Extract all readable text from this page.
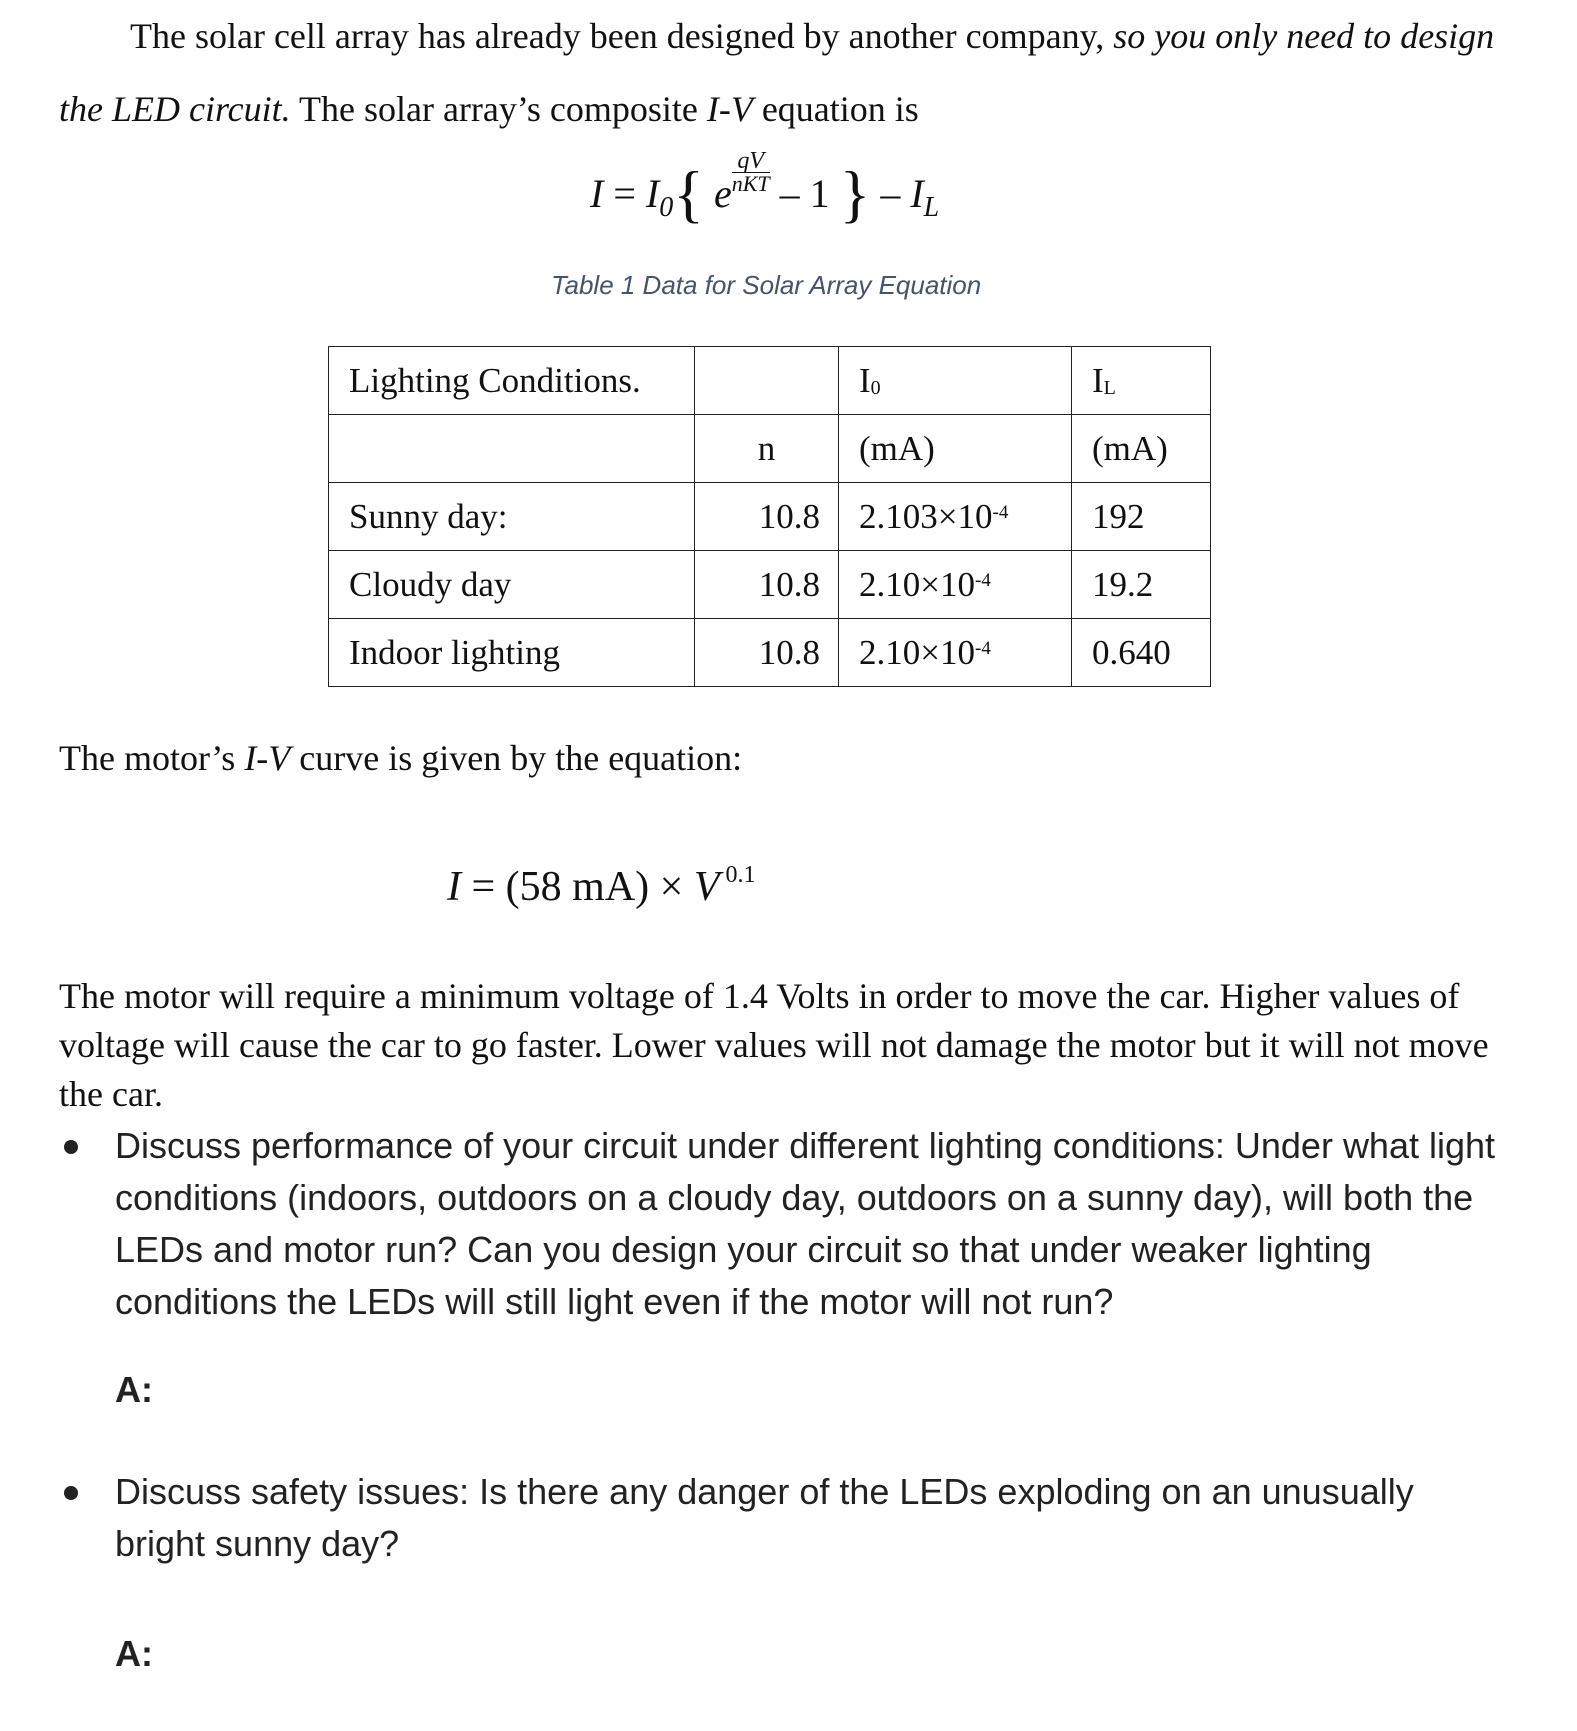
The solar cell array has already been designed by another company, so you only need to design the LED circuit. The solar array’s composite I-V equation is
$I = I_0${ e $\frac{qV}{\text{nKT}} - 1$ } – $I_L$
Table 1 Data for Solar Array Equation
Lighting Conditions.		I0	IL
	n	(mA)	(mA)
Sunny day:	10.8	$2.103\times 10^{-4}$	192
Cloudy day	10.8	$2.10\times 10^{-4}$	19.2
Indoor lighting	10.8	$2.10\times 10^{-4}$	0.640
The motor’s I-V curve is given by the equation:
I = (58 mA) × V $^{0.1}$
The motor will require a minimum voltage of 1.4 Volts in order to move the car. Higher values of voltage will cause the car to go faster. Lower values will not damage the motor but it will not move the car.
Discuss performance of your circuit under different lighting conditions: Under what light conditions (indoors, outdoors on a cloudy day, outdoors on a sunny day), will both the LEDs and motor run? Can you design your circuit so that under weaker lighting conditions the LEDs will still light even if the motor will not run?
A:
Discuss safety issues: Is there any danger of the LEDs exploding on an unusually bright sunny day?
A:
